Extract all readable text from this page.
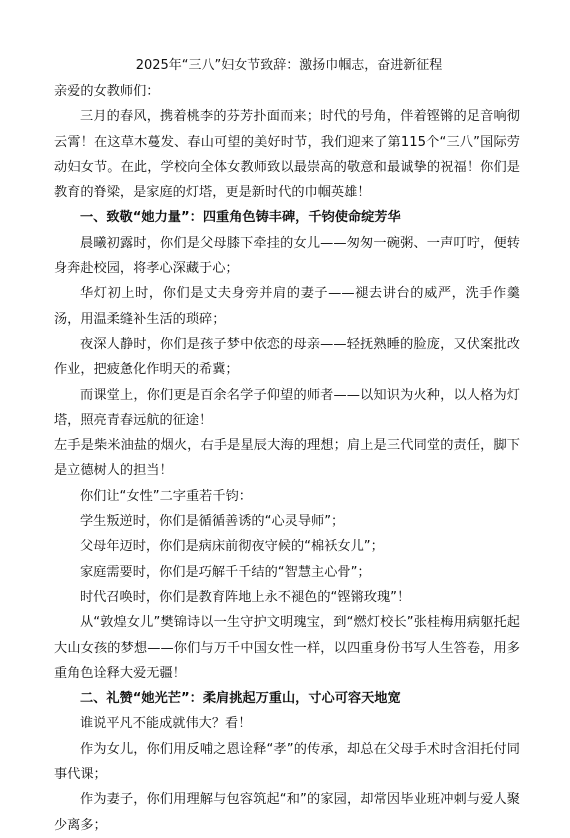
2025年“三八”妇女节致辞：激扬巾帼志，奋进新征程

亲爱的女教师们：

三月的春风，携着桃李的芬芳扑面而来；时代的号角，伴着铿锵的足音响彻云霄！在这草木蔓发、春山可望的美好时节，我们迎来了第115个“三八”国际劳动妇女节。在此，学校向全体女教师致以最崇高的敬意和最诚挚的祝福！你们是教育的脊梁，是家庭的灯塔，更是新时代的巾帼英雄！

一、致敬“她力量”：四重角色铸丰碑，千钧使命绽芳华

晨曦初露时，你们是父母膝下牵挂的女儿——匆匆一碗粥、一声叮咛，便转身奔赴校园，将孝心深藏于心；

华灯初上时，你们是丈夫身旁并肩的妻子——褪去讲台的威严，洗手作羹汤，用温柔缝补生活的琐碎；

夜深人静时，你们是孩子梦中依恋的母亲——轻抚熟睡的脸庞，又伏案批改作业，把疲惫化作明天的希冀；

而课堂上，你们更是百余名学子仰望的师者——以知识为火种，以人格为灯塔，照亮青春远航的征途！

左手是柴米油盐的烟火，右手是星辰大海的理想；肩上是三代同堂的责任，脚下是立德树人的担当！

你们让“女性”二字重若千钧：

学生叛逆时，你们是循循善诱的“心灵导师”；

父母年迈时，你们是病床前彻夜守候的“棉袄女儿”；

家庭需要时，你们是巧解千千结的“智慧主心骨”；

时代召唤时，你们是教育阵地上永不褪色的“铿锵玫瑰”！

从“敦煌女儿”樊锦诗以一生守护文明瑰宝，到“燃灯校长”张桂梅用病躯托起大山女孩的梦想——你们与万千中国女性一样，以四重身份书写人生答卷，用多重角色诠释大爱无疆！

二、礼赞“她光芒”：柔肩挑起万重山，寸心可容天地宽

谁说平凡不能成就伟大？看！

作为女儿，你们用反哺之恩诠释“孝”的传承，却总在父母手术时含泪托付同事代课；

作为妻子，你们用理解与包容筑起“和”的家园，却常因毕业班冲刺与爱人聚少离多；
